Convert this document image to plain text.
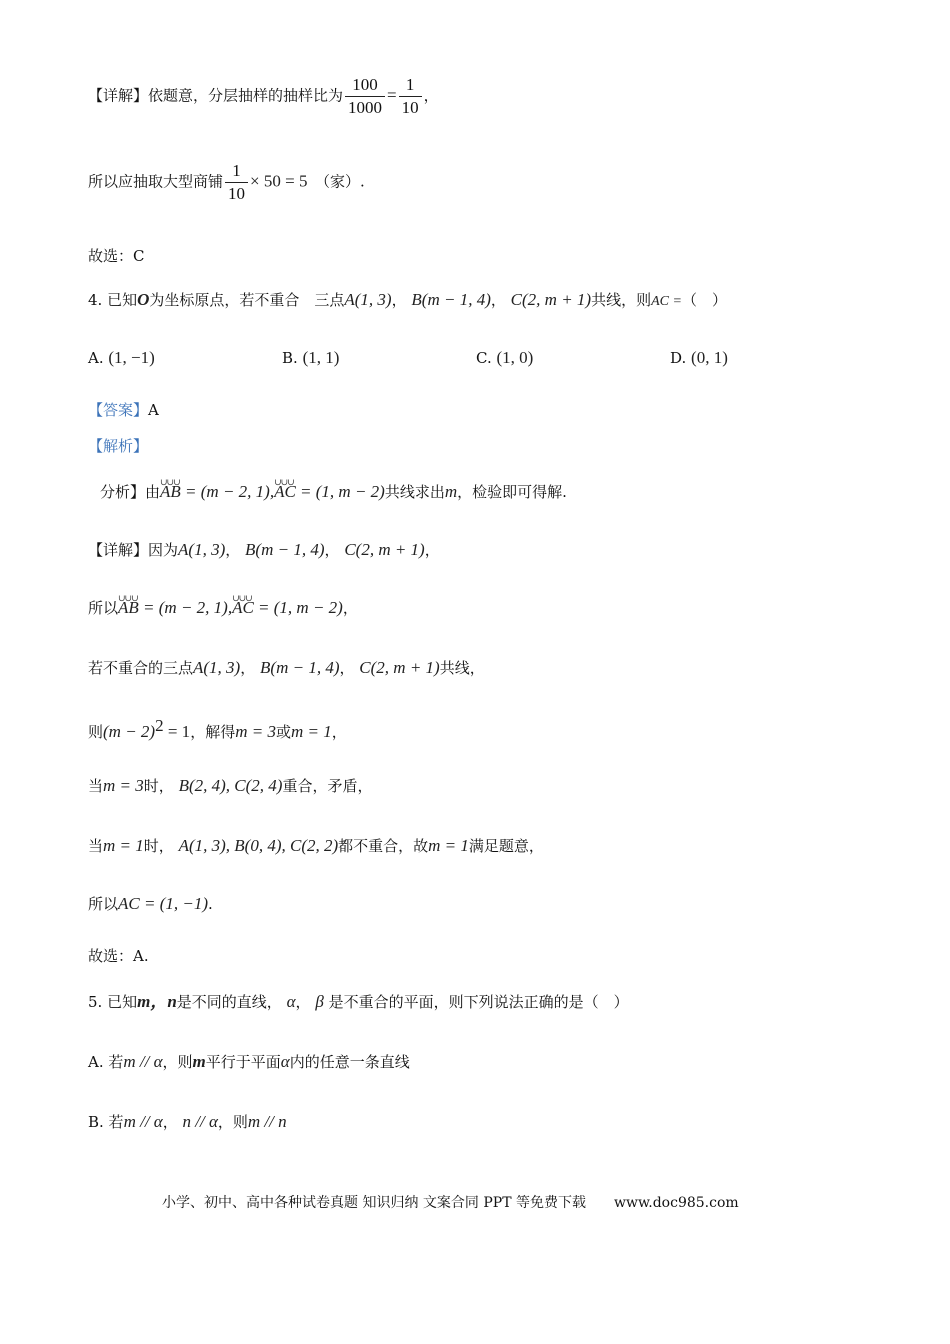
【详解】依题意，分层抽样的抽样比为 $\frac{100}{1000} = \frac{1}{10}$ ，
所以应抽取大型商铺 $\frac{1}{10} \times 50 = 5$　 （家）.
故选：C
4. 已知O为坐标原点，若不重合　三点A(1, 3)， B(m − 1, 4)， C(2, m + 1)共线，则AC =（　）
A. (1, −1)	B. (1, 1)	C. (1, 0)	D. (0, 1)
【答案】A
【解析】
分析】由∪∪∪ AB = (m − 2, 1),∪∪∪ AC = (1, m − 2)共线求出m，检验即可得解.
【详解】因为A(1, 3)， B(m − 1, 4)， C(2, m + 1)，
所以∪∪∪ AB = (m − 2, 1),∪∪∪ AC = (1, m − 2)，
若不重合的三点A(1, 3)， B(m − 1, 4)， C(2, m + 1)共线，
则$(m - 2)^2 = 1$，解得m = 3或m = 1，
当m = 3时， B(2, 4), C(2, 4)重合，矛盾，
当m = 1时， A(1, 3), B(0, 4), C(2, 2)都不重合，故m = 1满足题意，
所以AC = (1, −1).
故选：A.
5. 已知m，n是不同的直线， α， β 是不重合的平面，则下列说法正确的是（　）
A. 若m // α，则m平行于平面α内的任意一条直线
B. 若m // α， n // α，则m // n
小学、初中、高中各种试卷真题 知识归纳 文案合同 PPT 等免费下载　　 www.doc985.com
